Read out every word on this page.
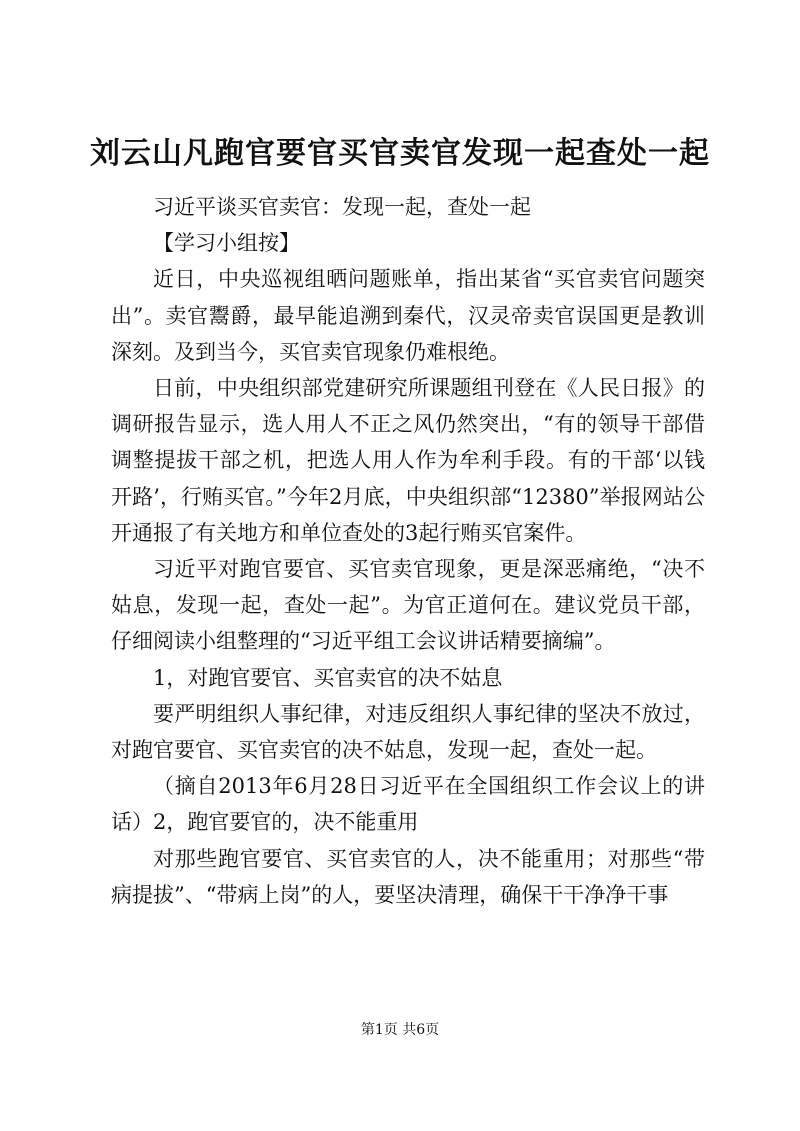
刘云山凡跑官要官买官卖官发现一起查处一起

习近平谈买官卖官：发现一起，查处一起

【学习小组按】

近日，中央巡视组晒问题账单，指出某省“买官卖官问题突出”。卖官鬻爵，最早能追溯到秦代，汉灵帝卖官误国更是教训深刻。及到当今，买官卖官现象仍难根绝。

日前，中央组织部党建研究所课题组刊登在《人民日报》的调研报告显示，选人用人不正之风仍然突出，“有的领导干部借调整提拔干部之机，把选人用人作为牟利手段。有的干部‘以钱开路’，行贿买官。”今年2月底，中央组织部“12380”举报网站公开通报了有关地方和单位查处的3起行贿买官案件。

习近平对跑官要官、买官卖官现象，更是深恶痛绝，“决不姑息，发现一起，查处一起”。为官正道何在。建议党员干部，仔细阅读小组整理的“习近平组工会议讲话精要摘编”。

1，对跑官要官、买官卖官的决不姑息

要严明组织人事纪律，对违反组织人事纪律的坚决不放过，对跑官要官、买官卖官的决不姑息，发现一起，查处一起。

（摘自2013年6月28日习近平在全国组织工作会议上的讲话）2，跑官要官的，决不能重用

对那些跑官要官、买官卖官的人，决不能重用；对那些“带病提拔”、“带病上岗”的人，要坚决清理，确保干干净净干事

第1页 共6页
